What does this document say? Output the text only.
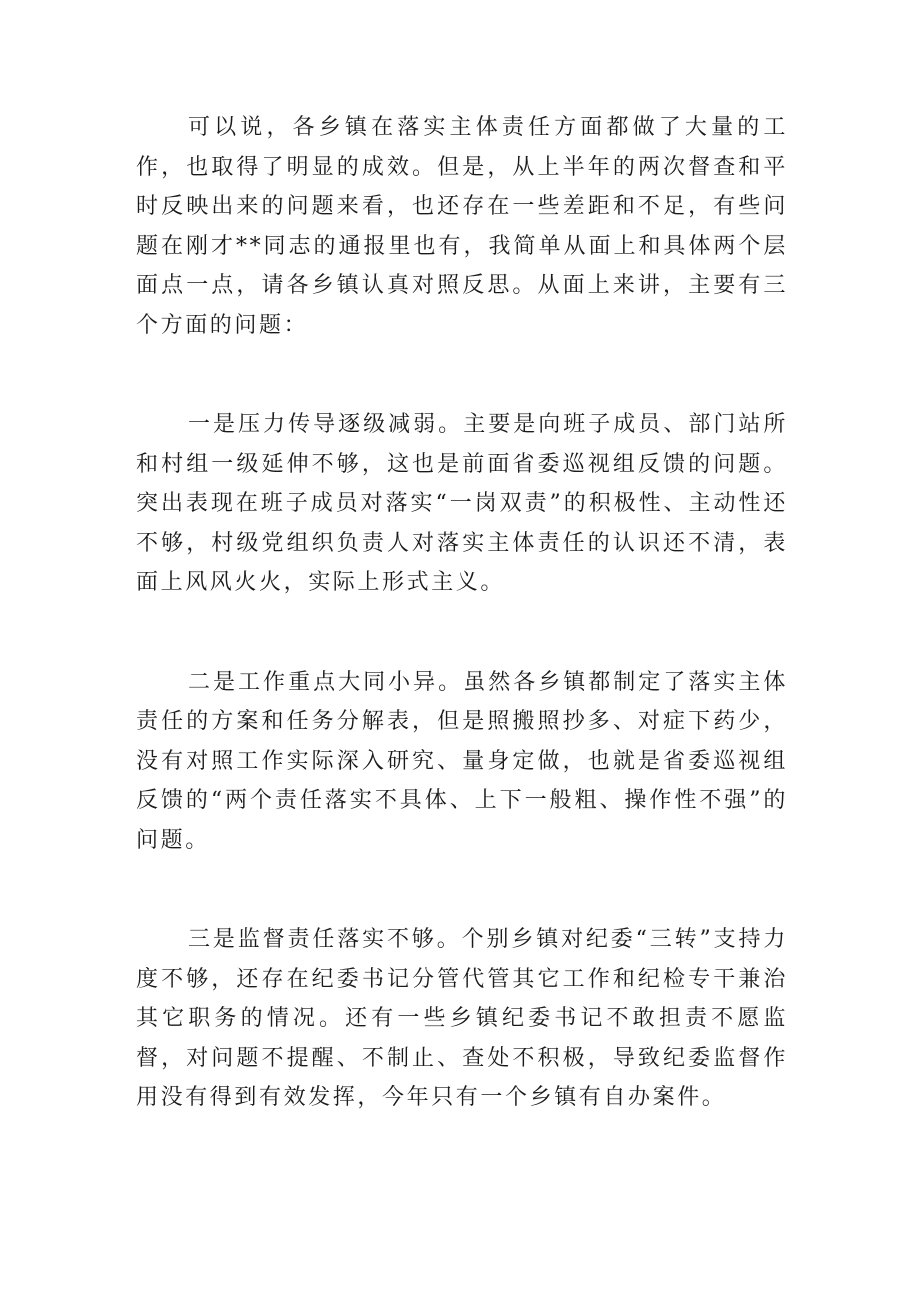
可以说，各乡镇在落实主体责任方面都做了大量的工作，也取得了明显的成效。但是，从上半年的两次督查和平时反映出来的问题来看，也还存在一些差距和不足，有些问题在刚才**同志的通报里也有，我简单从面上和具体两个层面点一点，请各乡镇认真对照反思。从面上来讲，主要有三个方面的问题：

一是压力传导逐级减弱。主要是向班子成员、部门站所和村组一级延伸不够，这也是前面省委巡视组反馈的问题。突出表现在班子成员对落实“一岗双责”的积极性、主动性还不够，村级党组织负责人对落实主体责任的认识还不清，表面上风风火火，实际上形式主义。

二是工作重点大同小异。虽然各乡镇都制定了落实主体责任的方案和任务分解表，但是照搬照抄多、对症下药少，没有对照工作实际深入研究、量身定做，也就是省委巡视组反馈的“两个责任落实不具体、上下一般粗、操作性不强”的问题。

三是监督责任落实不够。个别乡镇对纪委“三转”支持力度不够，还存在纪委书记分管代管其它工作和纪检专干兼治其它职务的情况。还有一些乡镇纪委书记不敢担责不愿监督，对问题不提醒、不制止、查处不积极，导致纪委监督作用没有得到有效发挥，今年只有一个乡镇有自办案件。
